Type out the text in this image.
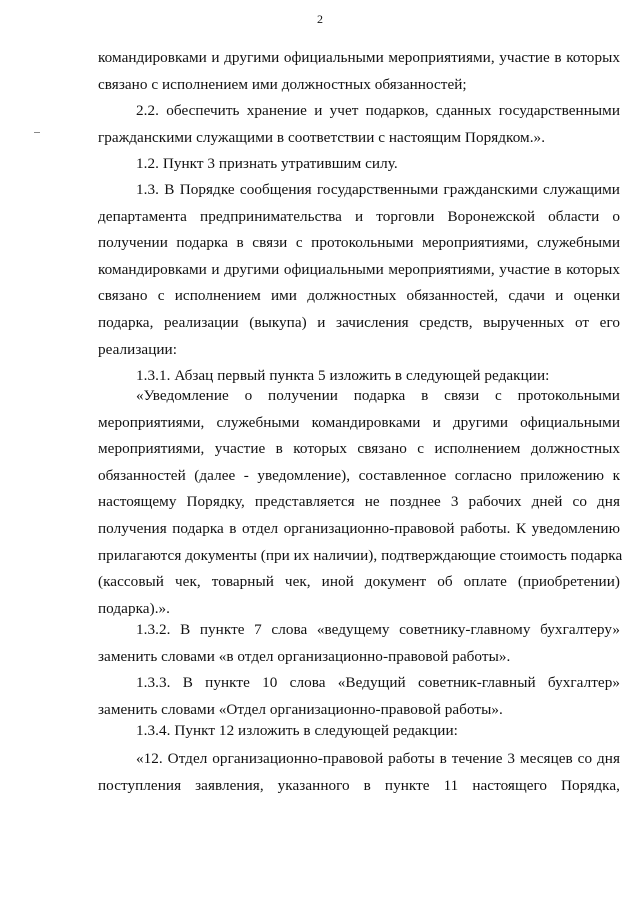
2
командировками и другими официальными мероприятиями, участие в которых
связано с исполнением ими должностных обязанностей;
2.2. обеспечить хранение и учет подарков, сданных государственными
гражданскими служащими в соответствии с настоящим Порядком.».
1.2. Пункт 3 признать утратившим силу.
1.3. В Порядке сообщения государственными гражданскими служащими
департамента предпринимательства и торговли Воронежской области о
получении подарка в связи с протокольными мероприятиями, служебными
командировками и другими официальными мероприятиями, участие в которых
связано с исполнением ими должностных обязанностей, сдачи и оценки
подарка, реализации (выкупа) и зачисления средств, вырученных от его
реализации:
1.3.1. Абзац первый пункта 5 изложить в следующей редакции:
«Уведомление о получении подарка в связи с протокольными
мероприятиями, служебными командировками и другими официальными
мероприятиями, участие в которых связано с исполнением должностных
обязанностей (далее - уведомление), составленное согласно приложению к
настоящему Порядку, представляется не позднее 3 рабочих дней со дня
получения подарка в отдел организационно-правовой работы. К уведомлению
прилагаются документы (при их наличии), подтверждающие стоимость подарка
(кассовый чек, товарный чек, иной документ об оплате (приобретении)
подарка).».
1.3.2. В пункте 7 слова «ведущему советнику-главному бухгалтеру»
заменить словами «в отдел организационно-правовой работы».
1.3.3. В пункте 10 слова «Ведущий советник-главный бухгалтер»
заменить словами «Отдел организационно-правовой работы».
1.3.4. Пункт 12 изложить в следующей редакции:
«12. Отдел организационно-правовой работы в течение 3 месяцев со дня
поступления заявления, указанного в пункте 11 настоящего Порядка,
